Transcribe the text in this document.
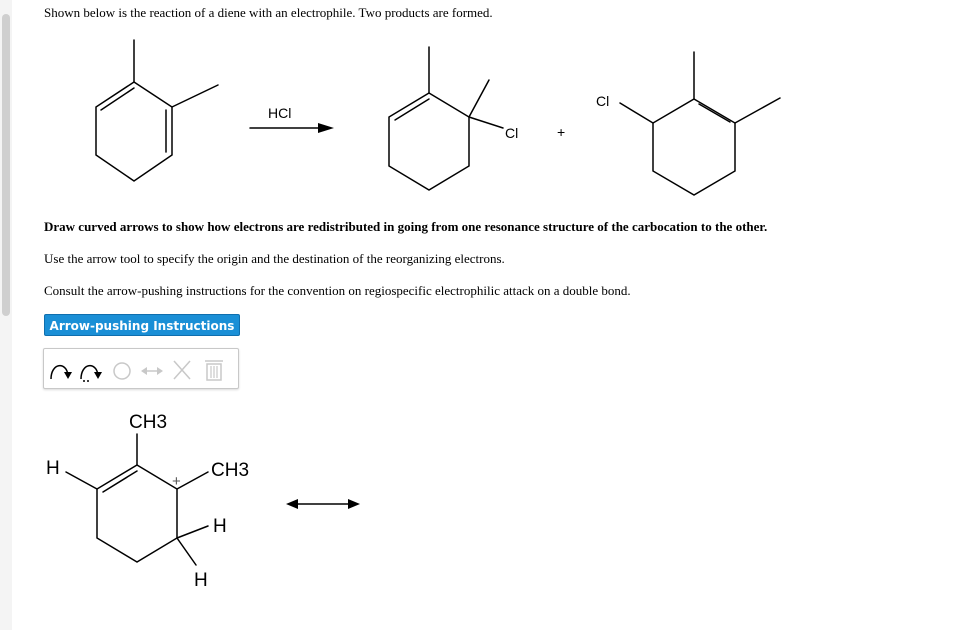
Shown below is the reaction of a diene with an electrophile. Two products are formed.
HCl
Cl	+
Cl
Draw curved arrows to show how electrons are redistributed in going from one resonance structure of the carbocation to the other.
Use the arrow tool to specify the origin and the destination of the reorganizing electrons.
Consult the arrow-pushing instructions for the convention on regiospecific electrophilic attack on a double bond.
Arrow-pushing Instructions
CH3
H
+
CH3
H
H
